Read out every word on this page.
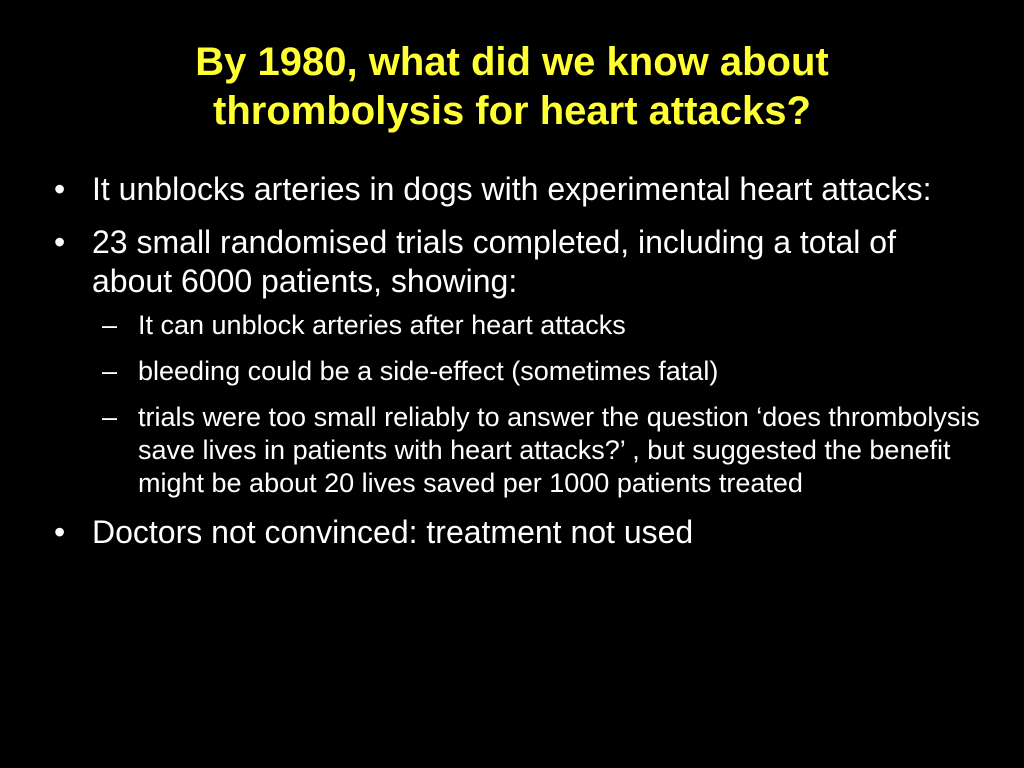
By 1980, what did we know about
thrombolysis for heart attacks?
• It unblocks arteries in dogs with experimental heart attacks:
• 23 small randomised trials completed, including a total of about 6000 patients, showing:
– It can unblock arteries after heart attacks
– bleeding could be a side-effect (sometimes fatal)
– trials were too small reliably to answer the question ‘does thrombolysis save lives in patients with heart attacks?’ , but suggested the benefit might be about 20 lives saved per 1000 patients treated
• Doctors not convinced: treatment not used
